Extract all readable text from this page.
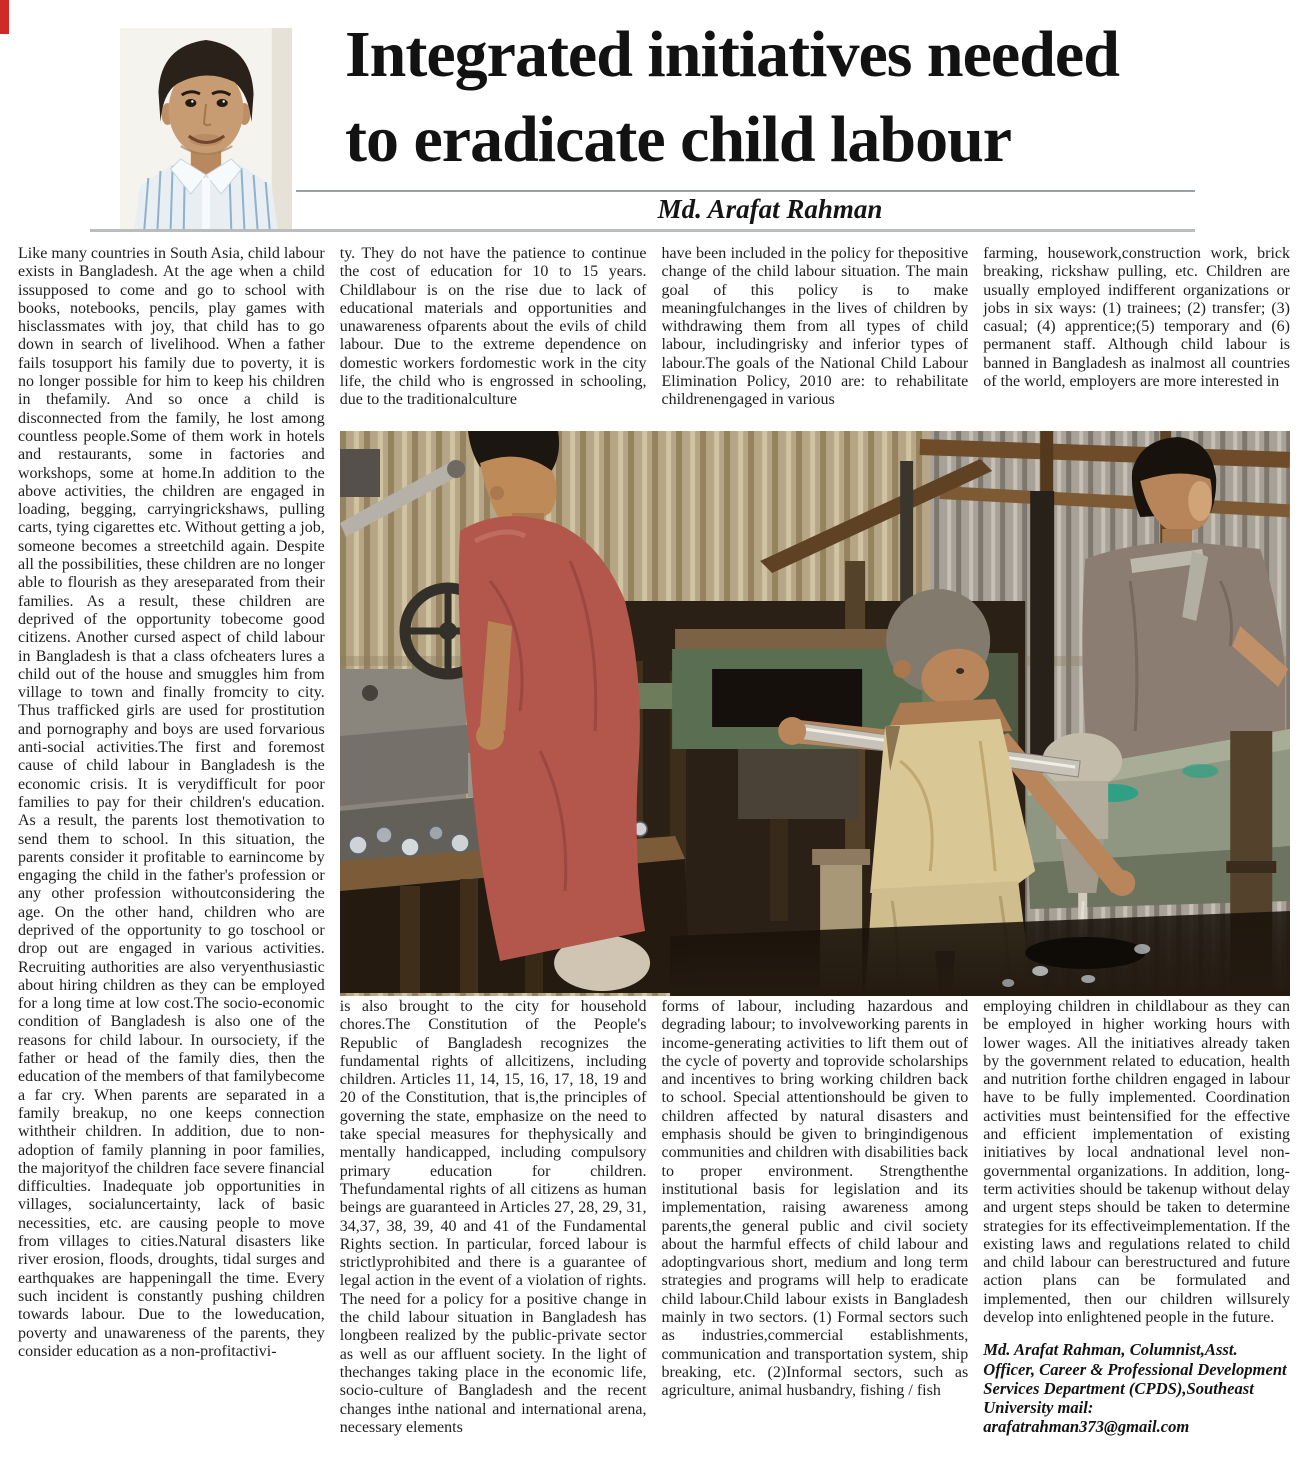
Integrated initiatives needed
to eradicate child labour
Md. Arafat Rahman

Like many countries in South Asia, child labour exists in Bangladesh. At the age when a child issupposed to come and go to school with books, notebooks, pencils, play games with hisclassmates with joy, that child has to go down in search of livelihood. When a father fails tosupport his family due to poverty, it is no longer possible for him to keep his children in thefamily. And so once a child is disconnected from the family, he lost among countless people.Some of them work in hotels and restaurants, some in factories and workshops, some at home.In addition to the above activities, the children are engaged in loading, begging, carryingrickshaws, pulling carts, tying cigarettes etc. Without getting a job, someone becomes a streetchild again. Despite all the possibilities, these children are no longer able to flourish as they areseparated from their families. As a result, these children are deprived of the opportunity tobecome good citizens. Another cursed aspect of child labour in Bangladesh is that a class ofcheaters lures a child out of the house and smuggles him from village to town and finally fromcity to city. Thus trafficked girls are used for prostitution and pornography and boys are used forvarious anti-social activities.The first and foremost cause of child labour in Bangladesh is the economic crisis. It is verydifficult for poor families to pay for their children's education. As a result, the parents lost themotivation to send them to school. In this situation, the parents consider it profitable to earnincome by engaging the child in the father's profession or any other profession withoutconsidering the age. On the other hand, children who are deprived of the opportunity to go toschool or drop out are engaged in various activities. Recruiting authorities are also veryenthusiastic about hiring children as they can be employed for a long time at low cost.The socio-economic condition of Bangladesh is also one of the reasons for child labour. In oursociety, if the father or head of the family dies, then the education of the members of that familybecome a far cry. When parents are separated in a family breakup, no one keeps connection withtheir children. In addition, due to non-adoption of family planning in poor families, the majorityof the children face severe financial difficulties. Inadequate job opportunities in villages, socialuncertainty, lack of basic necessities, etc. are causing people to move from villages to cities.Natural disasters like river erosion, floods, droughts, tidal surges and earthquakes are happeningall the time. Every such incident is constantly pushing children towards labour. Due to the loweducation, poverty and unawareness of the parents, they consider education as a non-profitactivi-

ty. They do not have the patience to continue the cost of education for 10 to 15 years. Childlabour is on the rise due to lack of educational materials and opportunities and unawareness ofparents about the evils of child labour. Due to the extreme dependence on domestic workers fordomestic work in the city life, the child who is engrossed in schooling, due to the traditionalculture

have been included in the policy for thepositive change of the child labour situation. The main goal of this policy is to make meaningfulchanges in the lives of children by withdrawing them from all types of child labour, includingrisky and inferior types of labour.The goals of the National Child Labour Elimination Policy, 2010 are: to rehabilitate childrenengaged in various

farming, housework,construction work, brick breaking, rickshaw pulling, etc. Children are usually employed indifferent organizations or jobs in six ways: (1) trainees; (2) transfer; (3) casual; (4) apprentice;(5) temporary and (6) permanent staff. Although child labour is banned in Bangladesh as inalmost all countries of the world, employers are more interested in

is also brought to the city for household chores.The Constitution of the People's Republic of Bangladesh recognizes the fundamental rights of allcitizens, including children. Articles 11, 14, 15, 16, 17, 18, 19 and 20 of the Constitution, that is,the principles of governing the state, emphasize on the need to take special measures for thephysically and mentally handicapped, including compulsory primary education for children. Thefundamental rights of all citizens as human beings are guaranteed in Articles 27, 28, 29, 31, 34,37, 38, 39, 40 and 41 of the Fundamental Rights section. In particular, forced labour is strictlyprohibited and there is a guarantee of legal action in the event of a violation of rights. The need for a policy for a positive change in the child labour situation in Bangladesh has longbeen realized by the public-private sector as well as our affluent society. In the light of thechanges taking place in the economic life, socio-culture of Bangladesh and the recent changes inthe national and international arena, necessary elements

forms of labour, including hazardous and degrading labour; to involveworking parents in income-generating activities to lift them out of the cycle of poverty and toprovide scholarships and incentives to bring working children back to school. Special attentionshould be given to children affected by natural disasters and emphasis should be given to bringindigenous communities and children with disabilities back to proper environment. Strengthenthe institutional basis for legislation and its implementation, raising awareness among parents,the general public and civil society about the harmful effects of child labour and adoptingvarious short, medium and long term strategies and programs will help to eradicate child labour.Child labour exists in Bangladesh mainly in two sectors. (1) Formal sectors such as industries,commercial establishments, communication and transportation system, ship breaking, etc. (2)Informal sectors, such as agriculture, animal husbandry, fishing / fish

employing children in childlabour as they can be employed in higher working hours with lower wages. All the initiatives already taken by the government related to education, health and nutrition forthe children engaged in labour have to be fully implemented. Coordination activities must beintensified for the effective and efficient implementation of existing initiatives by local andnational level non-governmental organizations. In addition, long-term activities should be takenup without delay and urgent steps should be taken to determine strategies for its effectiveimplementation. If the existing laws and regulations related to child and child labour can berestructured and future action plans can be formulated and implemented, then our children willsurely develop into enlightened people in the future.

Md. Arafat Rahman, Columnist,Asst. Officer, Career & Professional Development Services Department (CPDS),Southeast University mail: arafatrahman373@gmail.com
